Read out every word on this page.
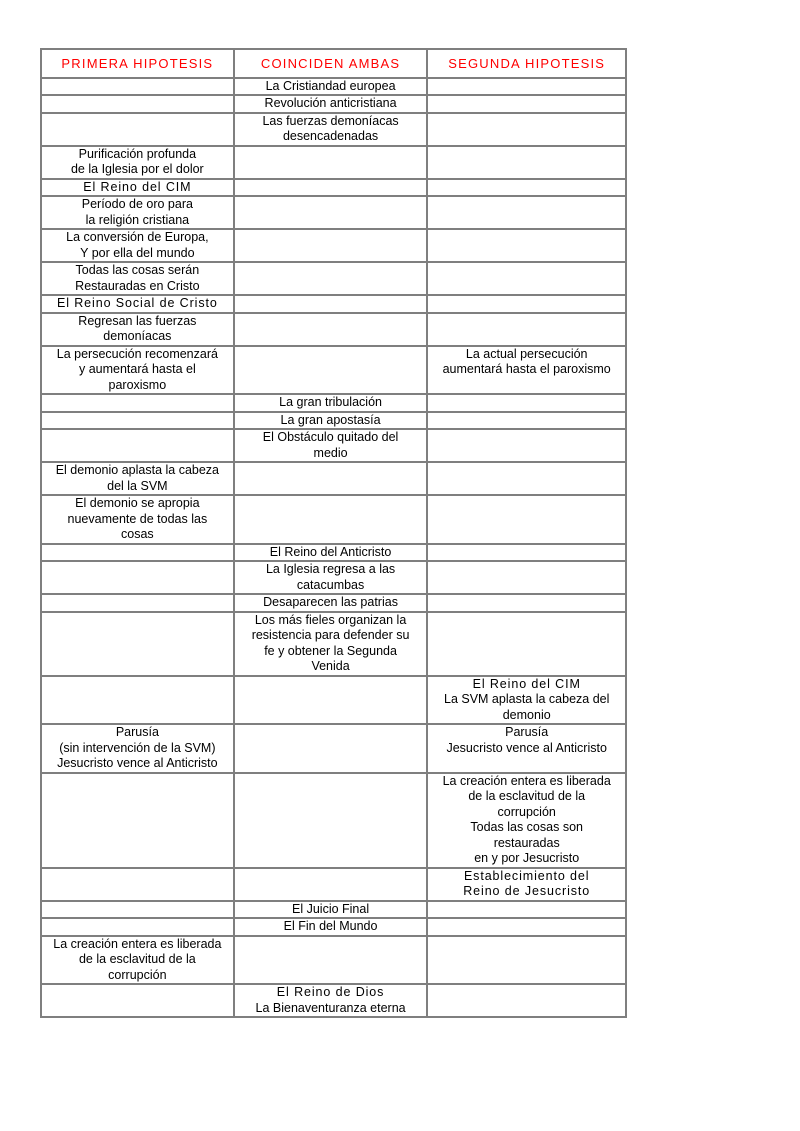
PRIMERA HIPOTESIS	COINCIDEN AMBAS	SEGUNDA HIPOTESIS
La Cristiandad europea
Revolución anticristiana
Las fuerzas demoníacas
desencadenadas
Purificación profunda
de la Iglesia por el dolor
El Reino del CIM
Período de oro para
la religión cristiana
La conversión de Europa,
Y por ella del mundo
Todas las cosas serán
Restauradas en Cristo
El Reino Social de Cristo
Regresan las fuerzas
demoníacas
La persecución recomenzará
y aumentará hasta el
paroxismo
La actual persecución
aumentará hasta el paroxismo
La gran tribulación
La gran apostasía
El Obstáculo quitado del
medio
El demonio aplasta la cabeza
del la SVM
El demonio se apropia
nuevamente de todas las
cosas
El Reino del Anticristo
La Iglesia regresa a las
catacumbas
Desaparecen las patrias
Los más fieles organizan la
resistencia para defender su
fe y obtener la Segunda
Venida
El Reino del CIM
La SVM aplasta la cabeza del
demonio
Parusía
(sin intervención de la SVM)
Jesucristo vence al Anticristo
Parusía
Jesucristo vence al Anticristo
La creación entera es liberada
de la esclavitud de la
corrupción
Todas las cosas son
restauradas
en y por Jesucristo
Establecimiento del
Reino de Jesucristo
El Juicio Final
El Fin del Mundo
La creación entera es liberada
de la esclavitud de la
corrupción
El Reino de Dios
La Bienaventuranza eterna
